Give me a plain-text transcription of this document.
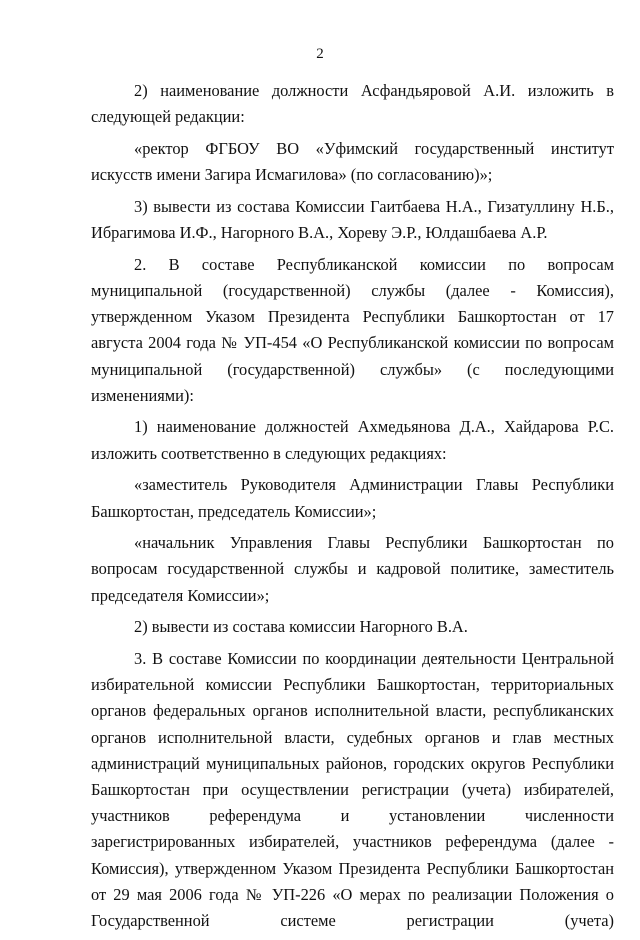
2

2) наименование должности Асфандьяровой А.И. изложить в следующей редакции:

«ректор ФГБОУ ВО «Уфимский государственный институт искусств имени Загира Исмагилова» (по согласованию)»;

3) вывести из состава Комиссии Гаитбаева Н.А., Гизатуллину Н.Б., Ибрагимова И.Ф., Нагорного В.А., Хореву Э.Р., Юлдашбаева А.Р.

2. В составе Республиканской комиссии по вопросам муниципальной (государственной) службы (далее - Комиссия), утвержденном Указом Президента Республики Башкортостан от 17 августа 2004 года № УП-454 «О Республиканской комиссии по вопросам муниципальной (государственной) службы» (с последующими изменениями):

1) наименование должностей Ахмедьянова Д.А., Хайдарова Р.С. изложить соответственно в следующих редакциях:

«заместитель Руководителя Администрации Главы Республики Башкортостан, председатель Комиссии»;

«начальник Управления Главы Республики Башкортостан по вопросам государственной службы и кадровой политике, заместитель председателя Комиссии»;

2) вывести из состава комиссии Нагорного В.А.

3. В составе Комиссии по координации деятельности Центральной избирательной комиссии Республики Башкортостан, территориальных органов федеральных органов исполнительной власти, республиканских органов исполнительной власти, судебных органов и глав местных администраций муниципальных районов, городских округов Республики Башкортостан при осуществлении регистрации (учета) избирателей, участников референдума и установлении численности зарегистрированных избирателей, участников референдума (далее - Комиссия), утвержденном Указом Президента Республики Башкортостан от 29 мая 2006 года № УП-226 «О мерах по реализации Положения о Государственной системе регистрации (учета)
